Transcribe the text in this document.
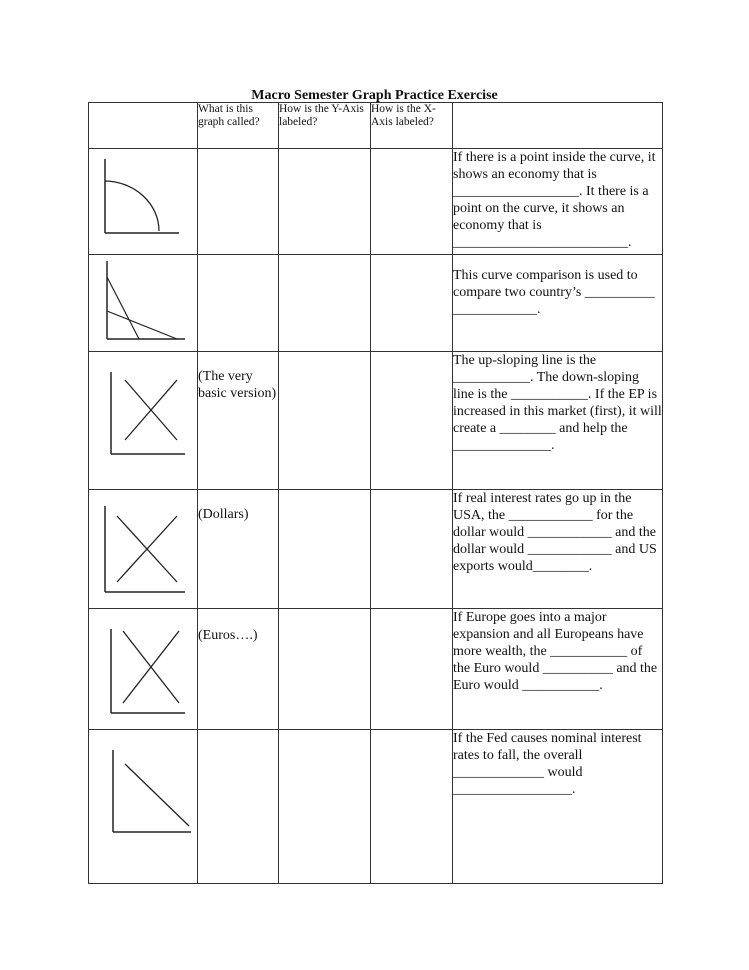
Macro Semester Graph Practice Exercise
	What is this graph called?	How is the Y-Axis labeled?	How is the X-Axis labeled?	

				If there is a point inside the curve, it shows an economy that is __________________. It there is a point on the curve, it shows an economy that is _________________________.

				This curve comparison is used to compare two country’s __________ ____________.

	(The very basic version)			The up-sloping line is the ___________. The down-sloping line is the ___________. If the EP is increased in this market (first), it will create a ________ and help the ______________.

	(Dollars)			If real interest rates go up in the USA, the ____________ for the dollar would ____________ and the dollar would ____________ and US exports would________.

	(Euros….)			If Europe goes into a major expansion and all Europeans have more wealth, the ___________ of the Euro would __________ and the Euro would ___________.

				If the Fed causes nominal interest rates to fall, the overall _____________ would _________________.
